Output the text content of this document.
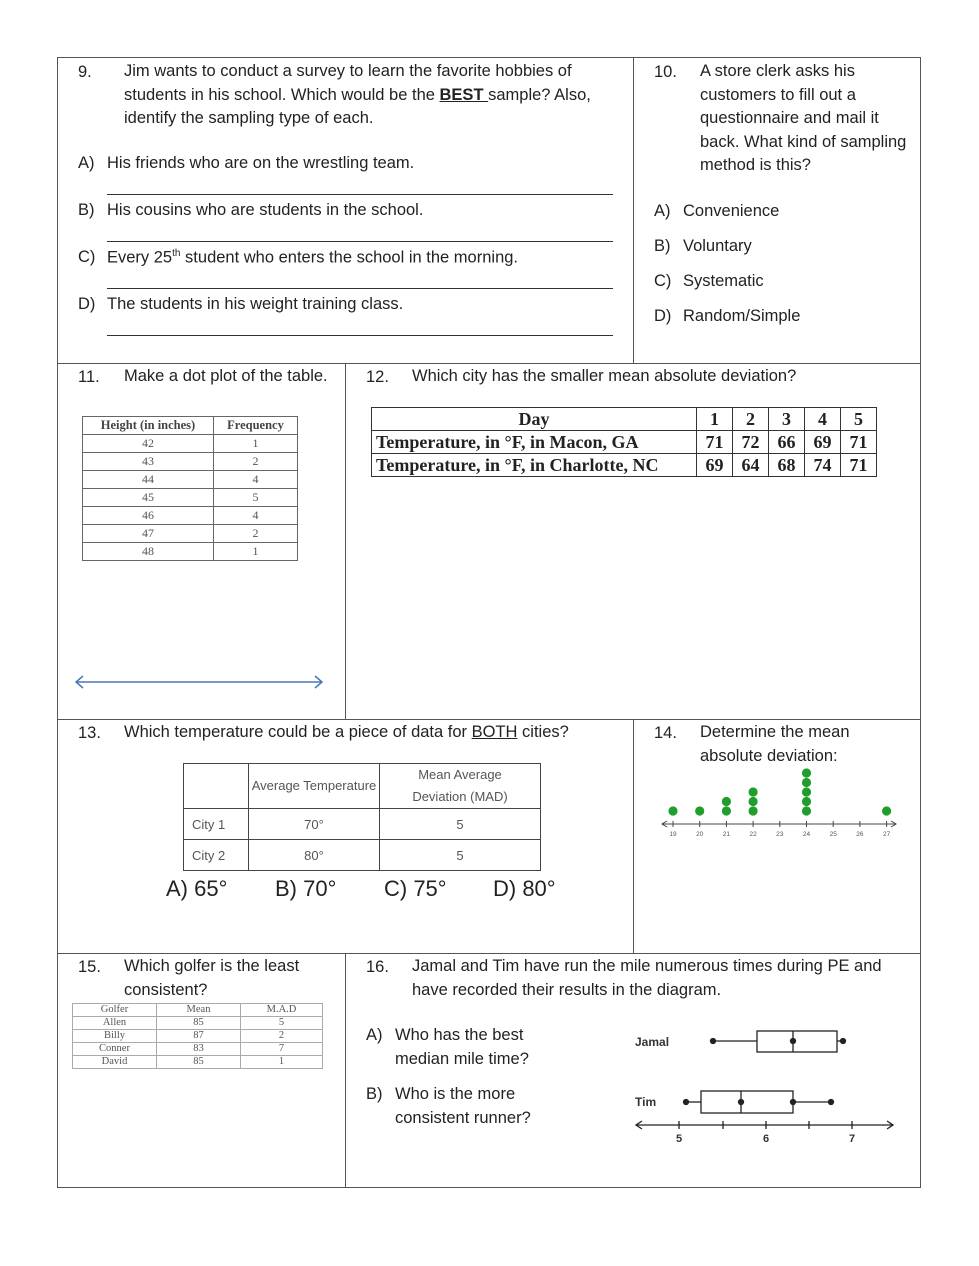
9. Jim wants to conduct a survey to learn the favorite hobbies of students in his school. Which would be the BEST sample? Also, identify the sampling type of each.
A) His friends who are on the wrestling team.
B) His cousins who are students in the school.
C) Every 25th student who enters the school in the morning.
D) The students in his weight training class.
10. A store clerk asks his customers to fill out a questionnaire and mail it back. What kind of sampling method is this?
A) Convenience
B) Voluntary
C) Systematic
D) Random/Simple
11.	Make a dot plot of the table.
Height (in inches)	Frequency
42	1
43	2
44	4
45	5
46	4
47	2
48	1
12. Which city has the smaller mean absolute deviation?
Day	1	2	3	4	5
Temperature, in °F, in Macon, GA	71	72	66	69	71
Temperature, in °F, in Charlotte, NC	69	64	68	74	71
13. Which temperature could be a piece of data for BOTH cities?
	Average Temperature	Mean Average Deviation (MAD)
City 1	70°	5
City 2	80°	5
A) 65° B) 70° C) 75° D) 80°
14. Determine the mean absolute deviation:
19	20	21	22	23	24	25	26	27
15. Which golfer is the least consistent?
Golfer	Mean	M.A.D
Allen	85	5
Billy	87	2
Conner	83	7
David	85	1
16. Jamal and Tim have run the mile numerous times during PE and have recorded their results in the diagram.
A) Who has the best median mile time?
B) Who is the more consistent runner?
Jamal
Tim
5	6	7
